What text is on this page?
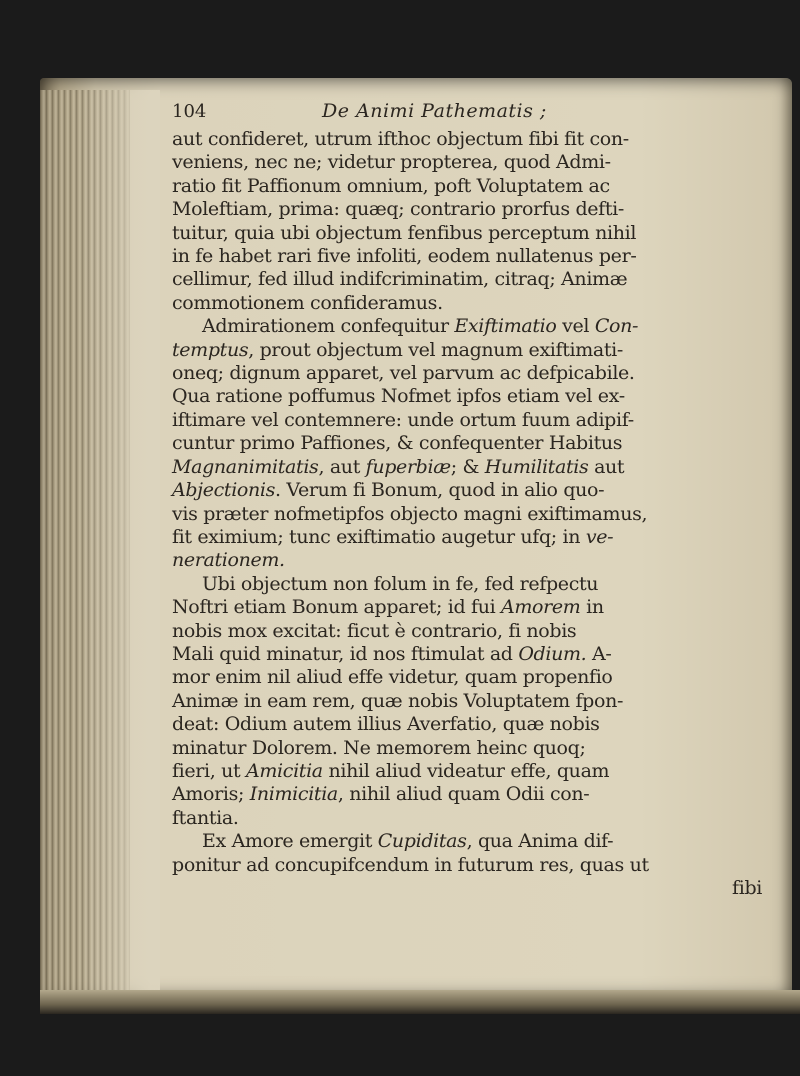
104	De Animi Pathematis ;
aut confideret, utrum ifthoc objectum fibi fit con-
veniens, nec ne; videtur propterea, quod Admi-
ratio fit Paffionum omnium, poft Voluptatem ac
Moleftiam, prima: quæq; contrario prorfus defti-
tuitur, quia ubi objectum fenfibus perceptum nihil
in fe habet rari five infoliti, eodem nullatenus per-
cellimur, fed illud indifcriminatim, citraq; Animæ
commotionem confideramus.
Admirationem confequitur Exiftimatio vel Con-
temptus, prout objectum vel magnum exiftimati-
oneq; dignum apparet, vel parvum ac defpicabile.
Qua ratione poffumus Nofmet ipfos etiam vel ex-
iftimare vel contemnere: unde ortum fuum adipif-
cuntur primo Paffiones, & confequenter Habitus
Magnanimitatis, aut fuperbiæ; & Humilitatis aut
Abjectionis. Verum fi Bonum, quod in alio quo-
vis præter nofmetipfos objecto magni exiftimamus,
fit eximium; tunc exiftimatio augetur ufq; in ve-
nerationem.
Ubi objectum non folum in fe, fed refpectu
Noftri etiam Bonum apparet; id fui Amorem in
nobis mox excitat: ficut è contrario, fi nobis
Mali quid minatur, id nos ftimulat ad Odium. A-
mor enim nil aliud effe videtur, quam propenfio
Animæ in eam rem, quæ nobis Voluptatem fpon-
deat: Odium autem illius Averfatio, quæ nobis
minatur Dolorem. Ne memorem heinc quoq;
fieri, ut Amicitia nihil aliud videatur effe, quam
Amoris; Inimicitia, nihil aliud quam Odii con-
ftantia.
Ex Amore emergit Cupiditas, qua Anima dif-
ponitur ad concupifcendum in futurum res, quas ut
fibi
